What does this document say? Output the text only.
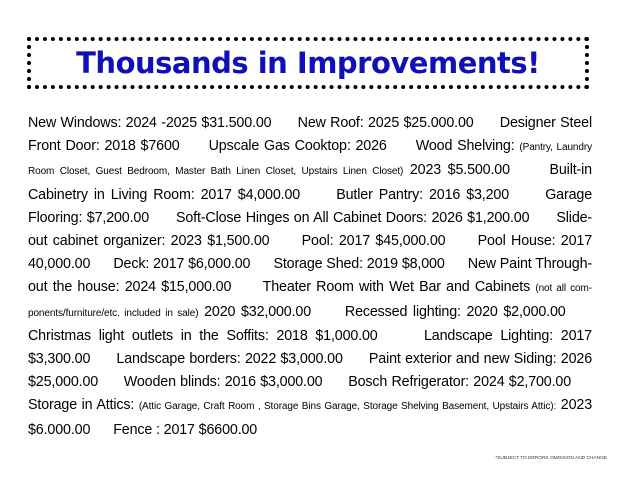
Thousands in Improvements!
New Windows: 2024 -2025 $31.500.00 New Roof: 2025 $25.000.00 Designer Steel Front Door: 2018 $7600 Upscale Gas Cooktop: 2026 Wood Shelving: (Pantry, Laundry Room Closet, Guest Bedroom, Master Bath Linen Closet, Upstairs Linen Closet) 2023 $5.500.00	Built-in Cabinetry in Living Room: 2017 $4,000.00	Butler Pantry: 2016 $3,200	Garage Flooring: $7,200.00 Soft-Close Hinges on All Cabinet Doors: 2026 $1,200.00 Slide-out cabinet organizer: 2023 $1,500.00 Pool: 2017 $45,000.00 Pool House: 2017 40,000.00 Deck: 2017 $6,000.00 Storage Shed: 2019 $8,000 New Paint Through-out the house: 2024 $15,000.00 Theater Room with Wet Bar and Cabinets (not all com-ponents/furniture/etc. included in sale) 2020 $32,000.00 Recessed lighting: 2020 $2,000.00      Christmas light outlets in the Soffits: 2018 $1,000.00	Landscape Lighting: 2017 $3,300.00 Landscape borders: 2022 $3,000.00 Paint exterior and new Siding: 2026 $25,000.00 Wooden blinds: 2016 $3,000.00 Bosch Refrigerator: 2024 $2,700.00      Storage in Attics: (Attic Garage, Craft Room , Storage Bins Garage, Storage Shelving Basement, Upstairs Attic): 2023 $6.000.00 Fence : 2017 $6600.00
*SUBJECT TO ERRORS OMISSION AND CHANGE
